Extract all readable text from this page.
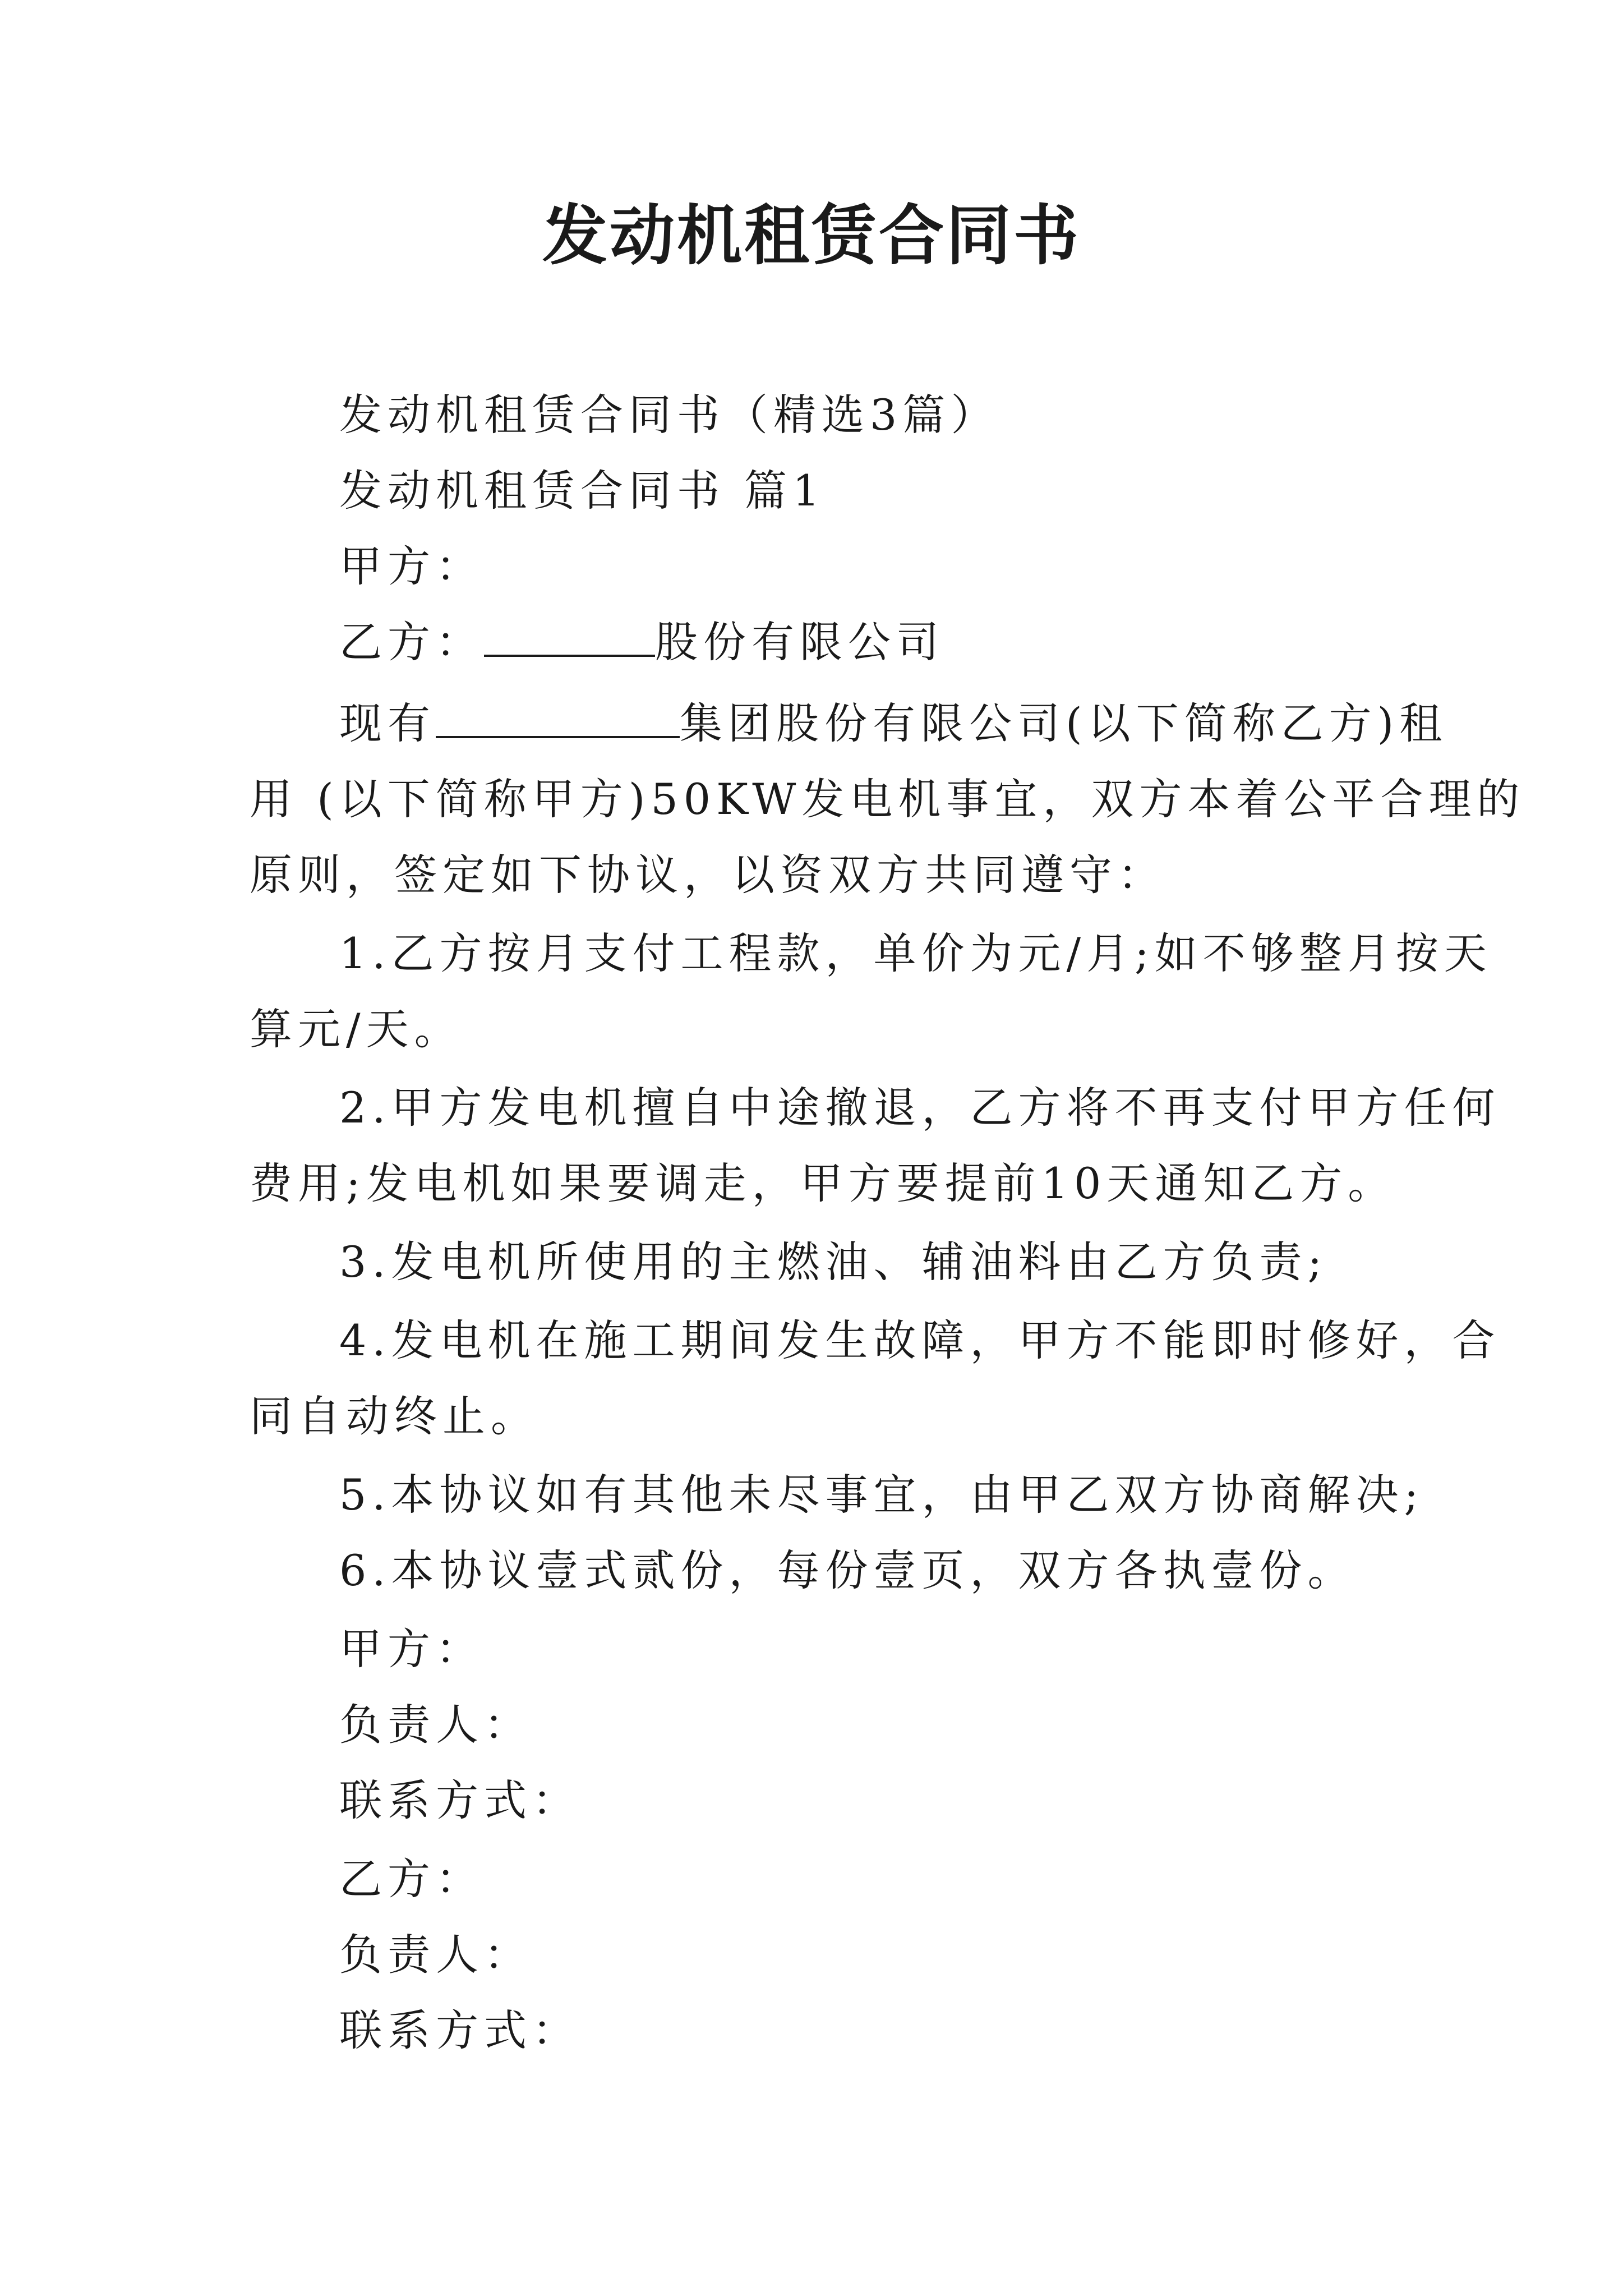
发动机租赁合同书
发动机租赁合同书（精选3篇）
发动机租赁合同书 篇1
甲方：
乙方：	股份有限公司
现有	集团股份有限公司(以下简称乙方)租
用 (以下简称甲方)50KW发电机事宜，双方本着公平合理的
原则，签定如下协议，以资双方共同遵守：
1.乙方按月支付工程款，单价为元/月;如不够整月按天
算元/天。
2.甲方发电机擅自中途撤退，乙方将不再支付甲方任何
费用;发电机如果要调走，甲方要提前10天通知乙方。
3.发电机所使用的主燃油、辅油料由乙方负责;
4.发电机在施工期间发生故障，甲方不能即时修好，合
同自动终止。
5.本协议如有其他未尽事宜，由甲乙双方协商解决;
6.本协议壹式贰份，每份壹页，双方各执壹份。
甲方：
负责人：
联系方式：
乙方：
负责人：
联系方式：
